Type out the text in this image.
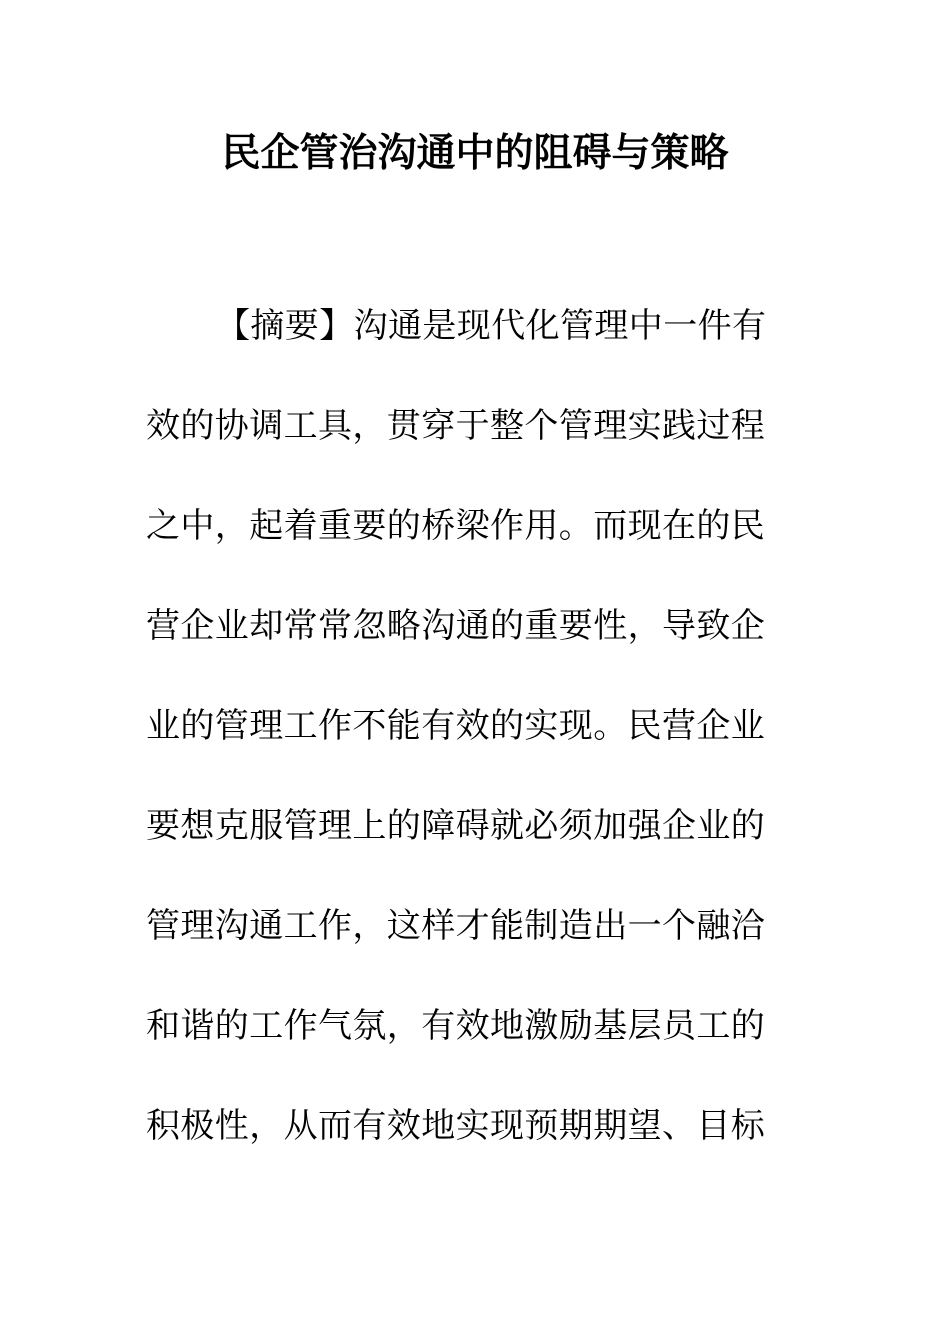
民企管治沟通中的阻碍与策略
【摘要】沟通是现代化管理中一件有
效的协调工具，贯穿于整个管理实践过程
之中，起着重要的桥梁作用。而现在的民
营企业却常常忽略沟通的重要性，导致企
业的管理工作不能有效的实现。民营企业
要想克服管理上的障碍就必须加强企业的
管理沟通工作，这样才能制造出一个融洽
和谐的工作气氛，有效地激励基层员工的
积极性，从而有效地实现预期期望、目标
